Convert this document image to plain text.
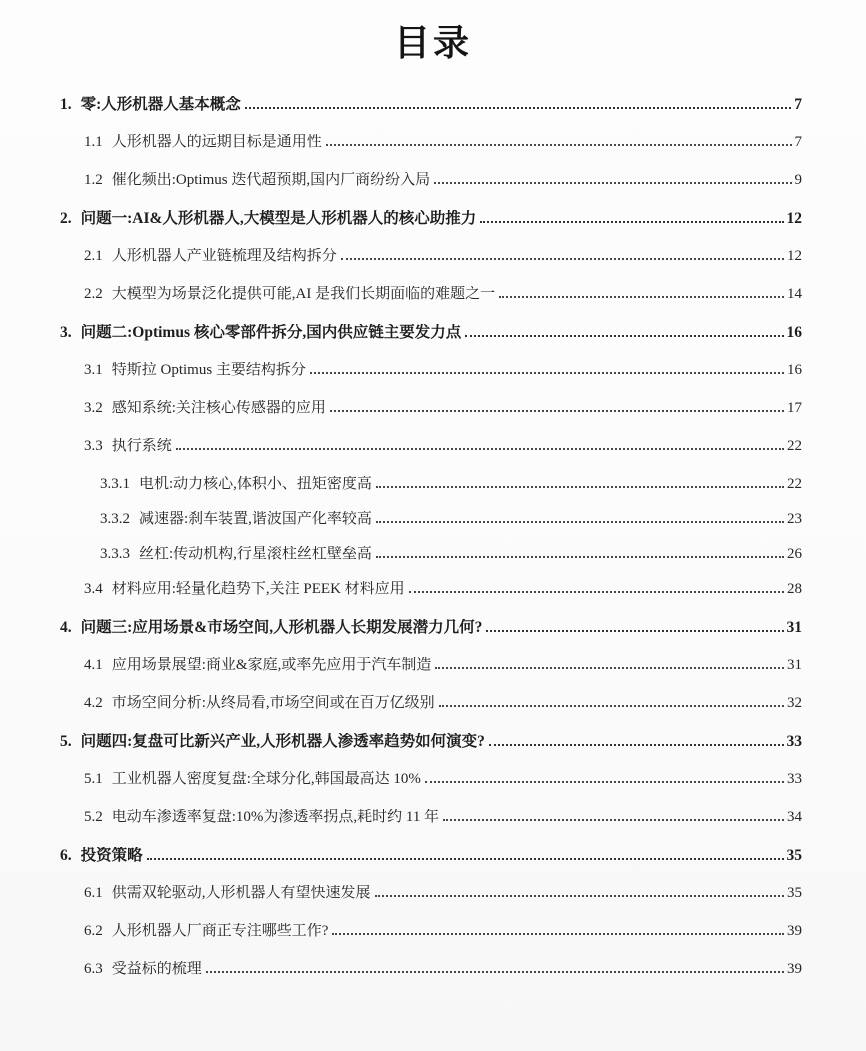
目录
1. 零:人形机器人基本概念	7
1.1 人形机器人的远期目标是通用性	7
1.2 催化频出:Optimus 迭代超预期,国内厂商纷纷入局	9
2. 问题一:AI&人形机器人,大模型是人形机器人的核心助推力	12
2.1 人形机器人产业链梳理及结构拆分	12
2.2 大模型为场景泛化提供可能,AI 是我们长期面临的难题之一	14
3. 问题二:Optimus 核心零部件拆分,国内供应链主要发力点	16
3.1 特斯拉 Optimus 主要结构拆分	16
3.2 感知系统:关注核心传感器的应用	17
3.3 执行系统	22
3.3.1 电机:动力核心,体积小、扭矩密度高	22
3.3.2 减速器:刹车装置,谐波国产化率较高	23
3.3.3 丝杠:传动机构,行星滚柱丝杠壁垒高	26
3.4 材料应用:轻量化趋势下,关注 PEEK 材料应用	28
4. 问题三:应用场景&市场空间,人形机器人长期发展潜力几何?	31
4.1 应用场景展望:商业&家庭,或率先应用于汽车制造	31
4.2 市场空间分析:从终局看,市场空间或在百万亿级别	32
5. 问题四:复盘可比新兴产业,人形机器人渗透率趋势如何演变?	33
5.1 工业机器人密度复盘:全球分化,韩国最高达 10%	33
5.2 电动车渗透率复盘:10%为渗透率拐点,耗时约 11 年	34
6. 投资策略	35
6.1 供需双轮驱动,人形机器人有望快速发展	35
6.2 人形机器人厂商正专注哪些工作?	39
6.3 受益标的梳理	39
